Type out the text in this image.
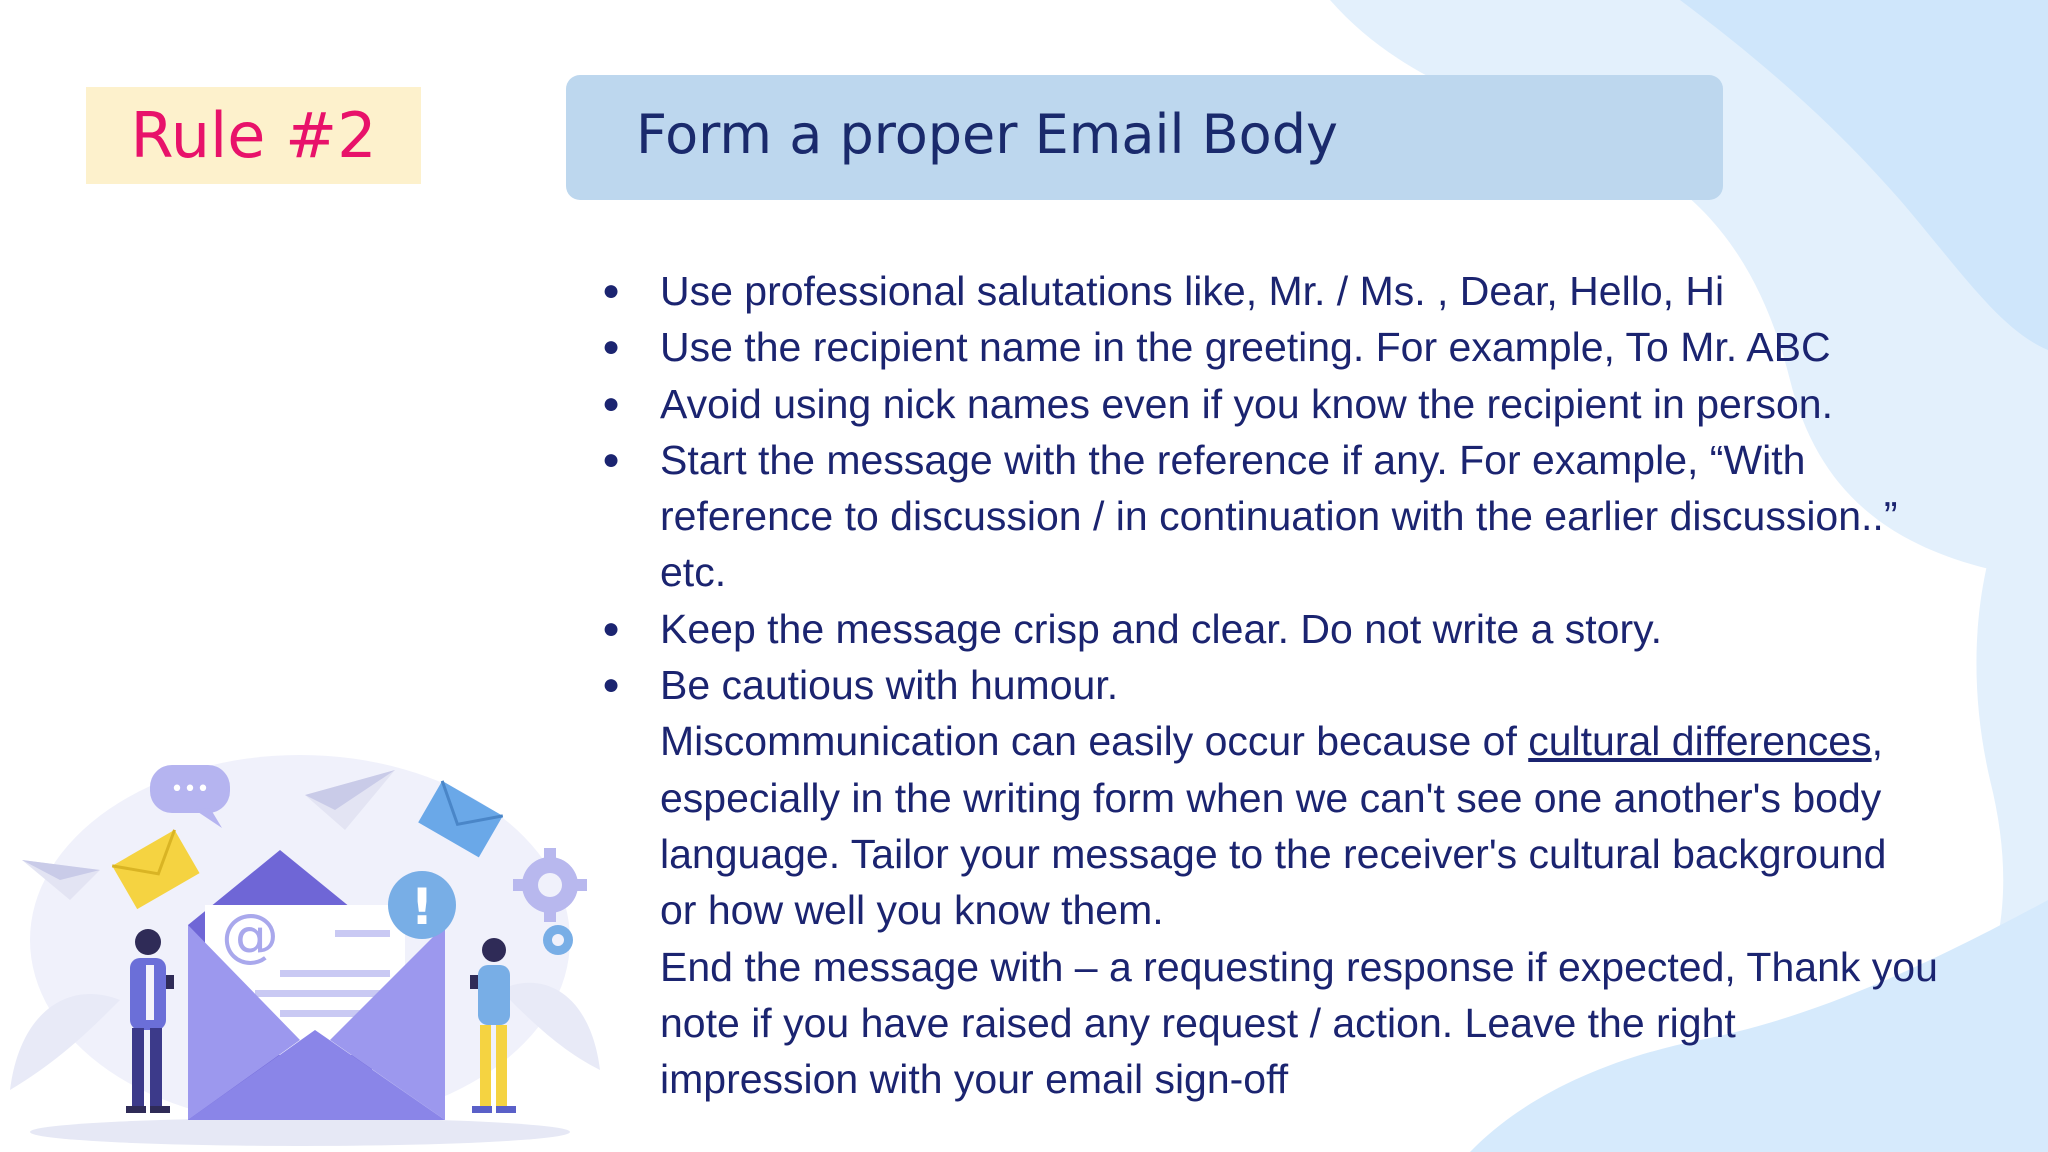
Rule #2	Form a proper Email Body

● Use professional salutations like, Mr. / Ms. , Dear, Hello, Hi

● Use the recipient name in the greeting. For example, To Mr. ABC

● Avoid using nick names even if you know the recipient in person.

● Start the message with the reference if any. For example, “With
reference to discussion / in continuation with the earlier discussion..”
etc.

● Keep the message crisp and clear. Do not write a story.

● Be cautious with humour.

Miscommunication can easily occur because of cultural differences,
especially in the writing form when we can't see one another's body
language. Tailor your message to the receiver's cultural background
or how well you know them.

End the message with – a requesting response if expected, Thank you
note if you have raised any request / action. Leave the right
impression with your email sign-off

•••
@	!
